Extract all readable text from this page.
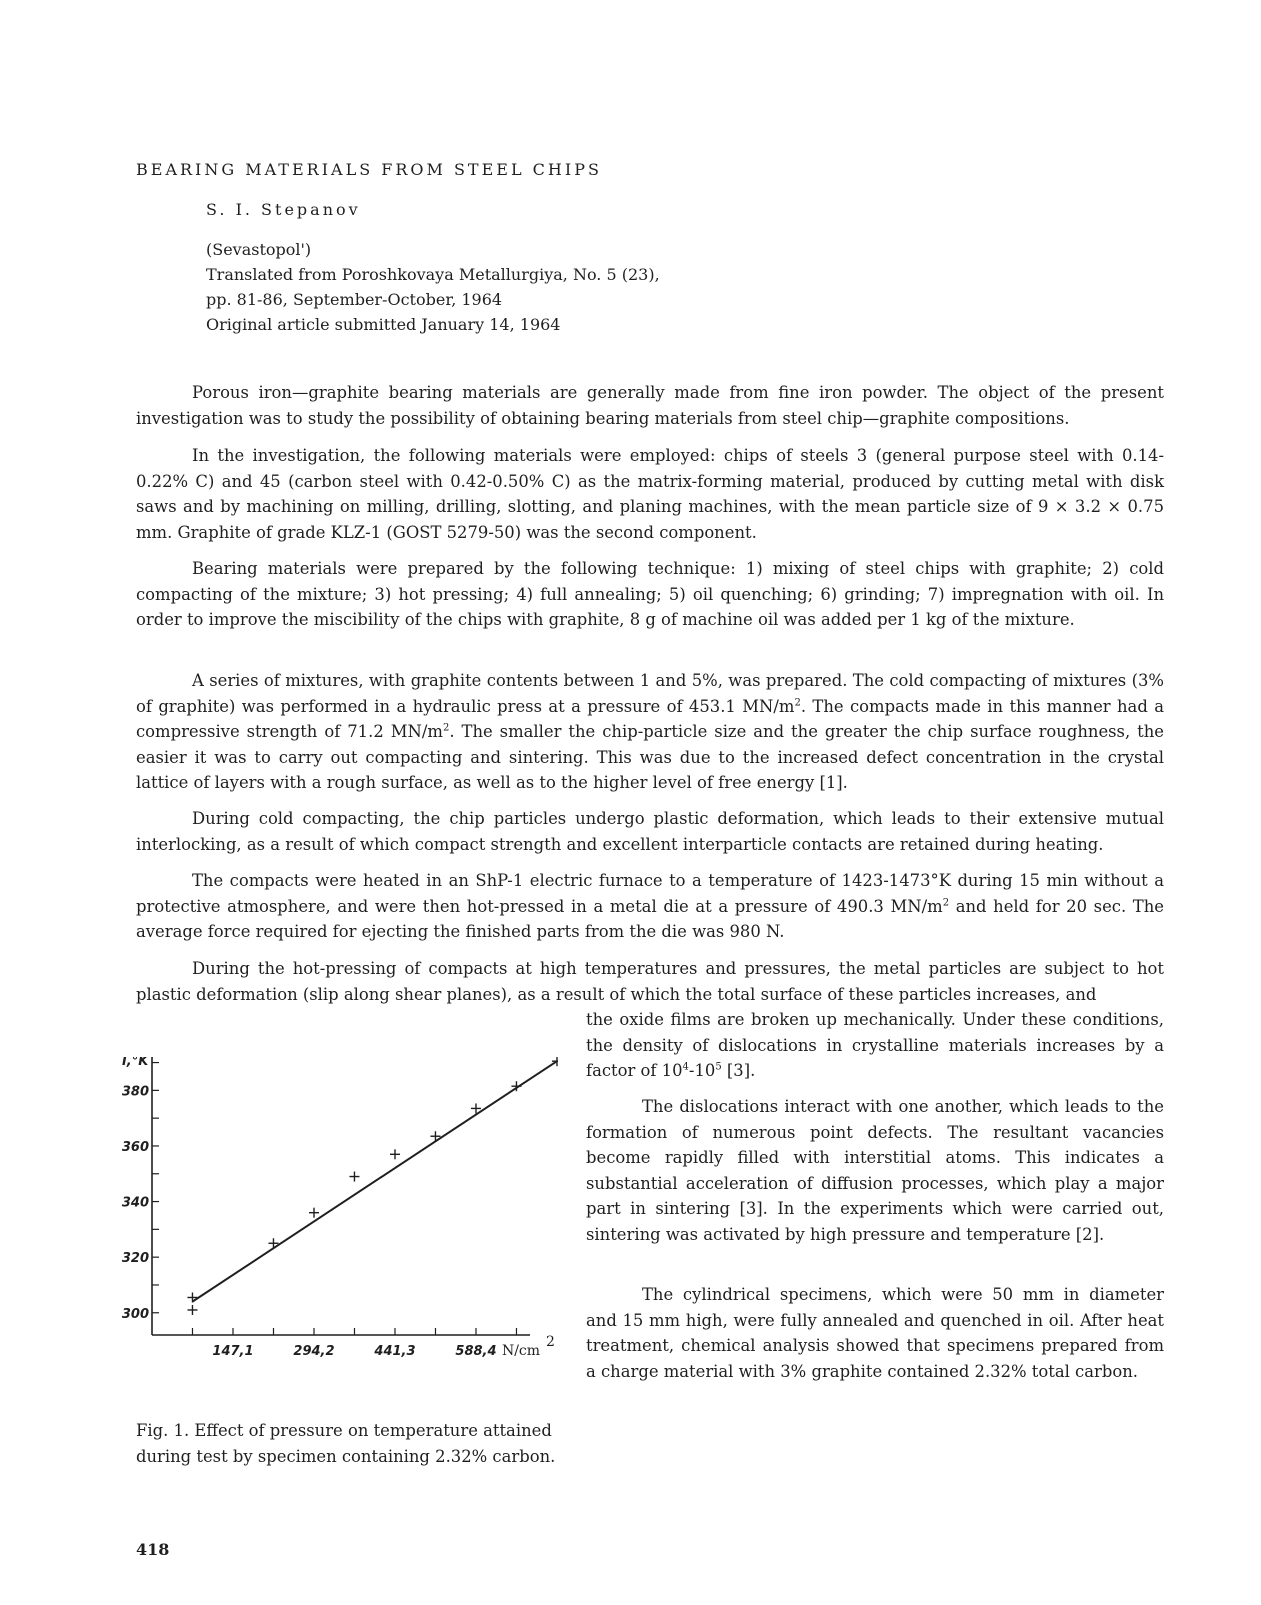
BEARING MATERIALS FROM STEEL CHIPS

S. I. Stepanov

(Sevastopol')
Translated from Poroshkovaya Metallurgiya, No. 5 (23),
pp. 81-86, September-October, 1964
Original article submitted January 14, 1964

Porous iron—graphite bearing materials are generally made from fine iron powder. The object of the present investigation was to study the possibility of obtaining bearing materials from steel chip—graphite compositions.

In the investigation, the following materials were employed: chips of steels 3 (general purpose steel with 0.14-0.22% C) and 45 (carbon steel with 0.42-0.50% C) as the matrix-forming material, produced by cutting metal with disk saws and by machining on milling, drilling, slotting, and planing machines, with the mean particle size of 9 × 3.2 × 0.75 mm. Graphite of grade KLZ-1 (GOST 5279-50) was the second component.

Bearing materials were prepared by the following technique: 1) mixing of steel chips with graphite; 2) cold compacting of the mixture; 3) hot pressing; 4) full annealing; 5) oil quenching; 6) grinding; 7) impregnation with oil. In order to improve the miscibility of the chips with graphite, 8 g of machine oil was added per 1 kg of the mixture.

A series of mixtures, with graphite contents between 1 and 5%, was prepared. The cold compacting of mixtures (3% of graphite) was performed in a hydraulic press at a pressure of 453.1 $MN/m^2$. The compacts made in this manner had a compressive strength of 71.2 $MN/m^2$. The smaller the chip-particle size and the greater the chip surface roughness, the easier it was to carry out compacting and sintering. This was due to the increased defect concentration in the crystal lattice of layers with a rough surface, as well as to the higher level of free energy [1].

During cold compacting, the chip particles undergo plastic deformation, which leads to their extensive mutual interlocking, as a result of which compact strength and excellent interparticle contacts are retained during heating.

The compacts were heated in an ShP-1 electric furnace to a temperature of 1423-1473°K during 15 min without a protective atmosphere, and were then hot-pressed in a metal die at a pressure of 490.3 $MN/m^2$ and held for 20 sec. The average force required for ejecting the finished parts from the die was 980 N.

During the hot-pressing of compacts at high temperatures and pressures, the metal particles are subject to hot plastic deformation (slip along shear planes), as a result of which the total surface of these particles increases, and

the oxide films are broken up mechanically. Under these conditions, the density of dislocations in crystalline materials increases by a factor of $10^4-10^5$ [3].

The dislocations interact with one another, which leads to the formation of numerous point defects. The resultant vacancies become rapidly filled with interstitial atoms. This indicates a substantial acceleration of diffusion processes, which play a major part in sintering [3]. In the experiments which were carried out, sintering was activated by high pressure and temperature [2].

The cylindrical specimens, which were 50 mm in diameter and 15 mm high, were fully annealed and quenched in oil. After heat treatment, chemical analysis showed that specimens prepared from a charge material with 3% graphite contained 2.32% total carbon.

300
320
340
360
380
T,°K
147,1	294,2	441,3	588,4 N/cm
2

Fig. 1. Effect of pressure on temperature attained during test by specimen containing 2.32% carbon.

418
